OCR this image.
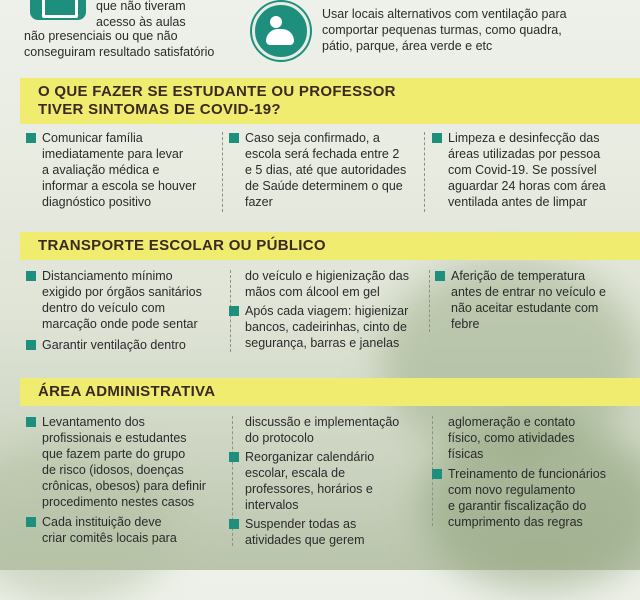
que não tiveram
acesso às aulas
não presenciais ou que não
conseguiram resultado satisfatório
Usar locais alternativos com ventilação para
comportar pequenas turmas, como quadra,
pátio, parque, área verde e etc
O QUE FAZER SE ESTUDANTE OU PROFESSOR
TIVER SINTOMAS DE COVID-19?
Comunicar família
imediatamente para levar
a avaliação médica e
informar a escola se houver
diagnóstico positivo
Caso seja confirmado, a
escola será fechada entre 2
e 5 dias, até que autoridades
de Saúde determinem o que
fazer
Limpeza e desinfecção das
áreas utilizadas por pessoa
com Covid-19. Se possível
aguardar 24 horas com área
ventilada antes de limpar
TRANSPORTE ESCOLAR OU PÚBLICO
Distanciamento mínimo
exigido por órgãos sanitários
dentro do veículo com
marcação onde pode sentar
Garantir ventilação dentro
do veículo e higienização das
mãos com álcool em gel
Após cada viagem: higienizar
bancos, cadeirinhas, cinto de
segurança, barras e janelas
Aferição de temperatura
antes de entrar no veículo e
não aceitar estudante com
febre
ÁREA ADMINISTRATIVA
Levantamento dos
profissionais e estudantes
que fazem parte do grupo
de risco (idosos, doenças
crônicas, obesos) para definir
procedimento nestes casos
Cada instituição deve
criar comitês locais para
discussão e implementação
do protocolo
Reorganizar calendário
escolar, escala de
professores, horários e
intervalos
Suspender todas as
atividades que gerem
aglomeração e contato
físico, como atividades
físicas
Treinamento de funcionários
com novo regulamento
e garantir fiscalização do
cumprimento das regras
